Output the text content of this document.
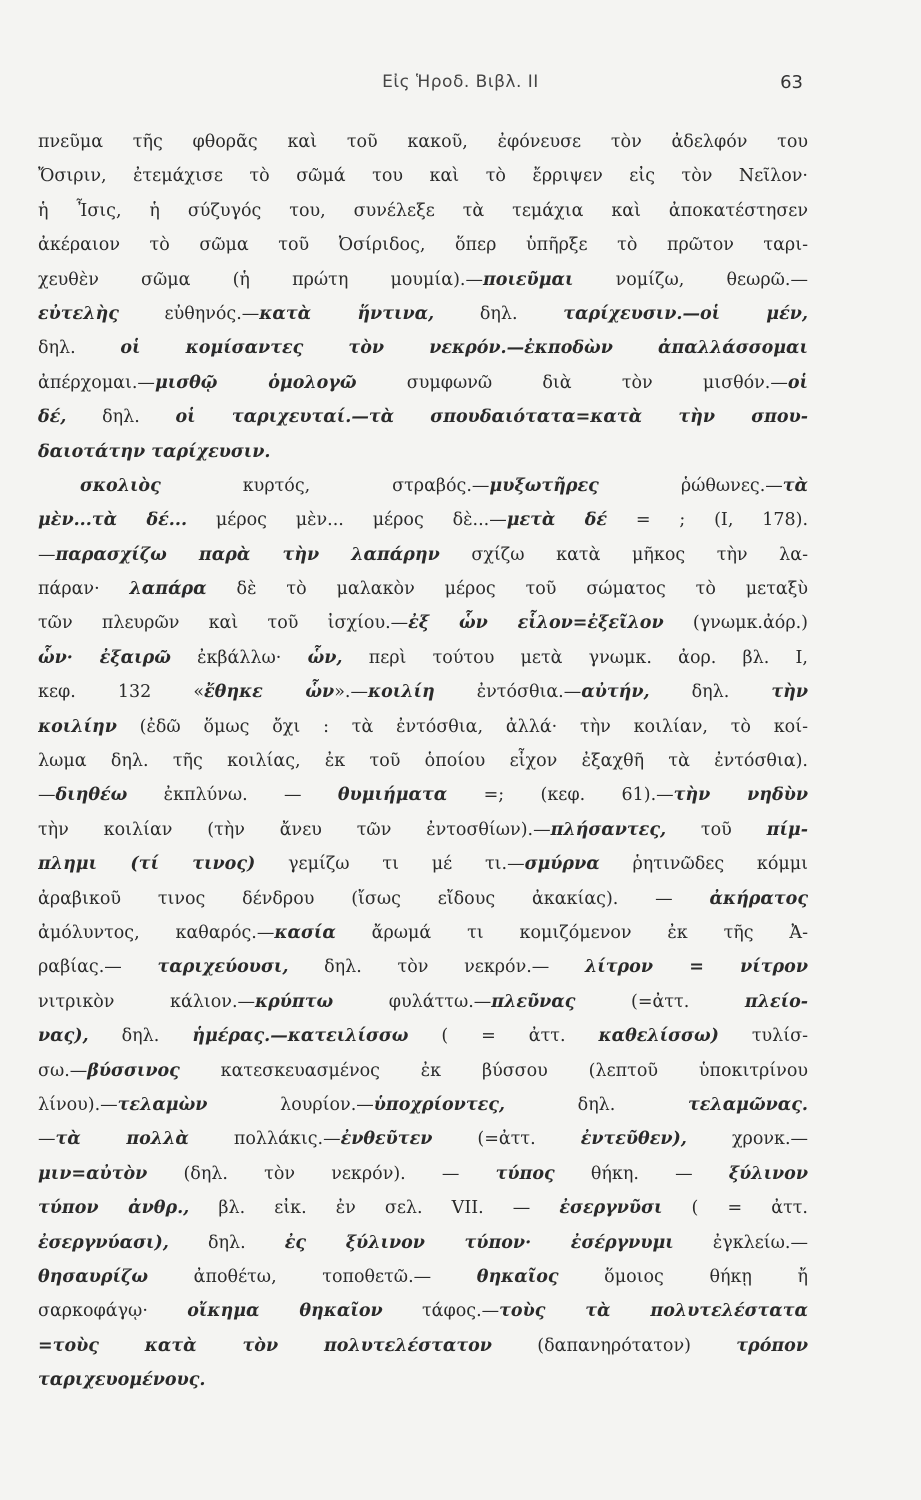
Εἰς Ἡροδ. Βιβλ. II	63
πνεῦμα τῆς φθορᾶς καὶ τοῦ κακοῦ, ἐφόνευσε τὸν ἀδελφόν του
Ὄσιριν, ἐτεμάχισε τὸ σῶμά του καὶ τὸ ἔρριψεν εἰς τὸν Νεῖλον·
ἡ Ἶσις, ἡ σύζυγός του, συνέλεξε τὰ τεμάχια καὶ ἀποκατέστησεν
ἀκέραιον τὸ σῶμα τοῦ Ὀσίριδος, ὅπερ ὑπῆρξε τὸ πρῶτον ταρι-
χευθὲν σῶμα (ἡ πρώτη μουμία).—ποιεῦμαι νομίζω, θεωρῶ.—
εὐτελὴς εὐθηνός.—κατὰ ἥντινα, δηλ. ταρίχευσιν.—οἱ μέν,
δηλ. οἱ κομίσαντες τὸν νεκρόν.—ἐκποδὼν ἀπαλλάσσομαι
ἀπέρχομαι.—μισθῷ ὁμολογῶ συμφωνῶ διὰ τὸν μισθόν.—οἱ
δέ, δηλ. οἱ ταριχευταί.—τὰ σπουδαιότατα=κατὰ τὴν σπου-
δαιοτάτην ταρίχευσιν.
σκολιὸς κυρτός, στραβός.—μυξωτῆρες ῥώθωνες.—τὰ
μὲν...τὰ δέ... μέρος μὲν... μέρος δὲ...—μετὰ δέ = ; (I, 178).
—παρασχίζω παρὰ τὴν λαπάρην σχίζω κατὰ μῆκος τὴν λα-
πάραν· λαπάρα δὲ τὸ μαλακὸν μέρος τοῦ σώματος τὸ μεταξὺ
τῶν πλευρῶν καὶ τοῦ ἰσχίου.—ἐξ ὧν εἷλον=ἐξεῖλον (γνωμκ.ἀόρ.)
ὧν· ἐξαιρῶ ἐκβάλλω· ὧν, περὶ τούτου μετὰ γνωμκ. ἀορ. βλ. I,
κεφ. 132 «ἔθηκε ὧν».—κοιλίη ἐντόσθια.—αὐτήν, δηλ. τὴν
κοιλίην (ἐδῶ ὅμως ὄχι : τὰ ἐντόσθια, ἀλλά· τὴν κοιλίαν, τὸ κοί-
λωμα δηλ. τῆς κοιλίας, ἐκ τοῦ ὁποίου εἶχον ἐξαχθῆ τὰ ἐντόσθια).
—διηθέω ἐκπλύνω. — θυμιήματα =; (κεφ. 61).—τὴν νηδὺν
τὴν κοιλίαν (τὴν ἄνευ τῶν ἐντοσθίων).—πλήσαντες, τοῦ πίμ-
πλημι (τί τινος) γεμίζω τι μέ τι.—σμύρνα ῥητινῶδες κόμμι
ἀραβικοῦ τινος δένδρου (ἴσως εἴδους ἀκακίας). — ἀκήρατος
ἀμόλυντος, καθαρός.—κασία ἄρωμά τι κομιζόμενον ἐκ τῆς Ἀ-
ραβίας.— ταριχεύουσι, δηλ. τὸν νεκρόν.— λίτρον = νίτρον
νιτρικὸν κάλιον.—κρύπτω φυλάττω.—πλεῦνας (=ἀττ. πλείο-
νας), δηλ. ἡμέρας.—κατειλίσσω ( = ἀττ. καθελίσσω) τυλίσ-
σω.—βύσσινος κατεσκευασμένος ἐκ βύσσου (λεπτοῦ ὑποκιτρίνου
λίνου).—τελαμὼν λουρίον.—ὑποχρίοντες, δηλ. τελαμῶνας.
—τὰ πολλὰ πολλάκις.—ἐνθεῦτεν (=ἀττ. ἐντεῦθεν), χρονκ.—
μιν=αὐτὸν (δηλ. τὸν νεκρόν). — τύπος θήκη. — ξύλινον
τύπον ἀνθρ., βλ. εἰκ. ἐν σελ. VII. — ἐσεργνῦσι ( = ἀττ.
ἐσεργνύασι), δηλ. ἐς ξύλινον τύπον· ἐσέργνυμι ἐγκλείω.—
θησαυρίζω ἀποθέτω, τοποθετῶ.— θηκαῖος ὅμοιος θήκῃ ἤ
σαρκοφάγῳ· οἴκημα θηκαῖον τάφος.—τοὺς τὰ πολυτελέστατα
=τοὺς κατὰ τὸν πολυτελέστατον (δαπανηρότατον) τρόπον
ταριχευομένους.
